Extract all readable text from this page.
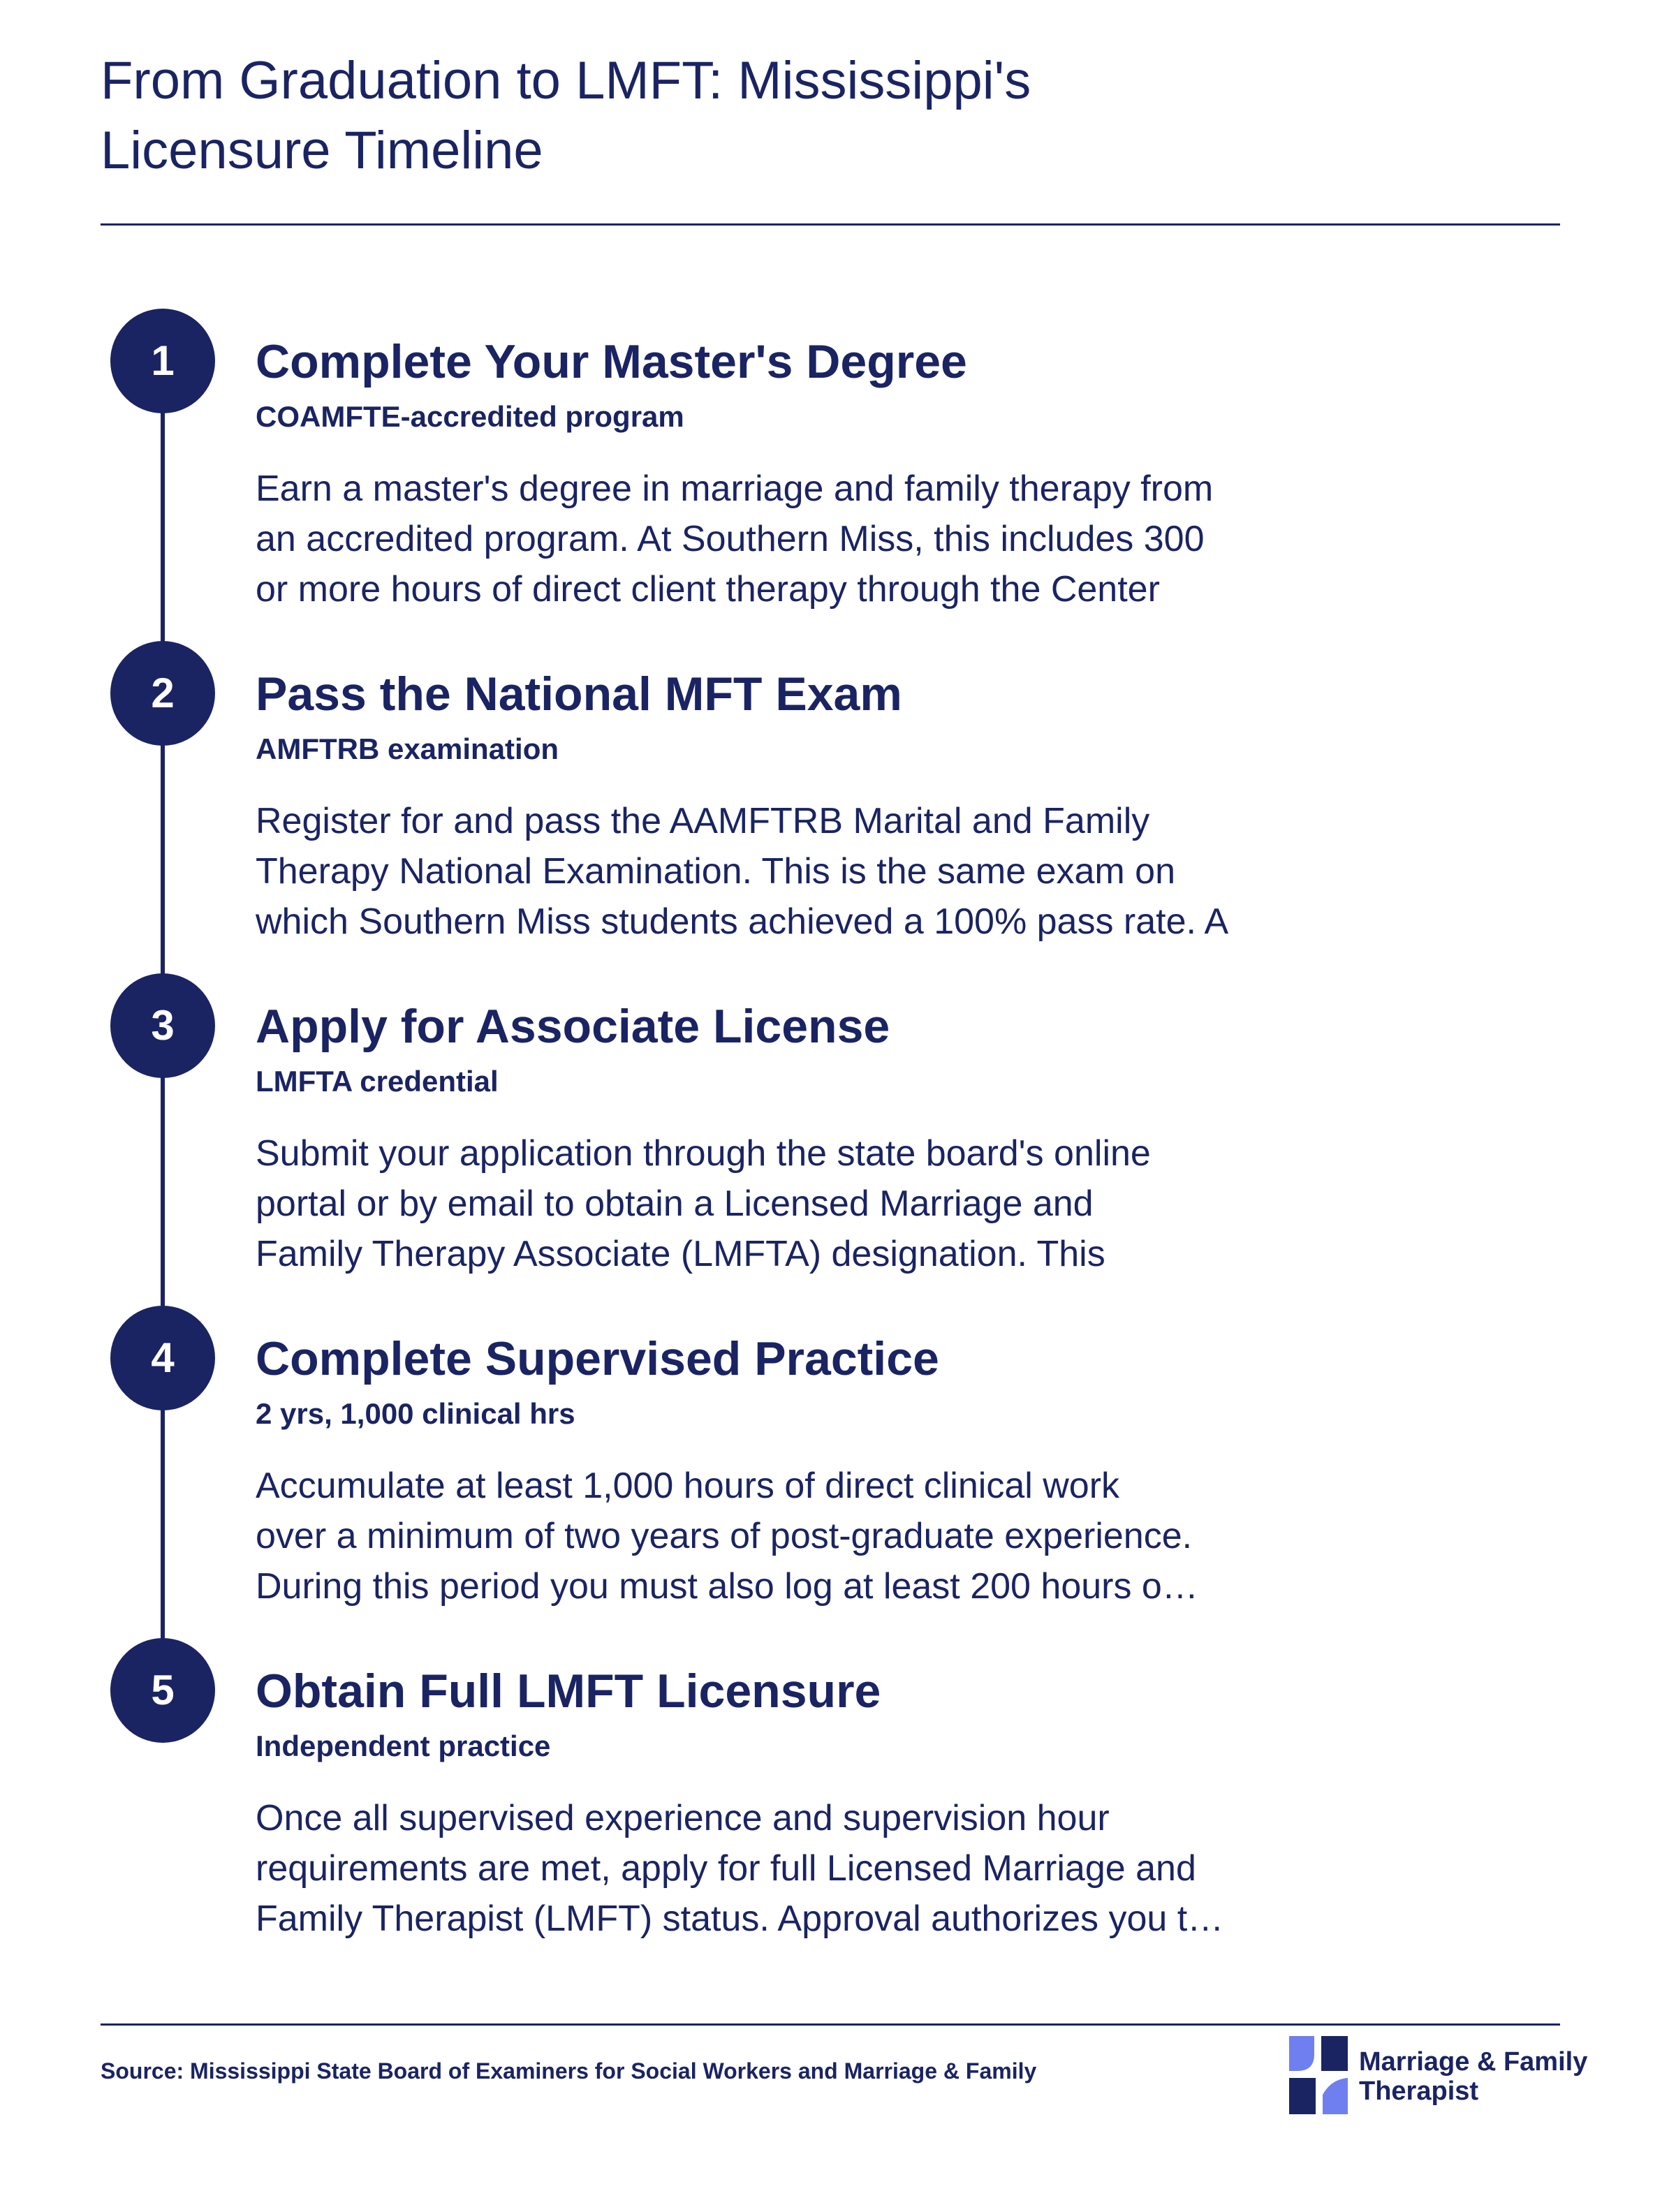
From Graduation to LMFT: Mississippi's
Licensure Timeline
1	Complete Your Master's Degree
COAMFTE-accredited program
Earn a master's degree in marriage and family therapy from
an accredited program. At Southern Miss, this includes 300
or more hours of direct client therapy through the Center
2	Pass the National MFT Exam
AMFTRB examination
Register for and pass the AAMFTRB Marital and Family
Therapy National Examination. This is the same exam on
which Southern Miss students achieved a 100% pass rate. A
3	Apply for Associate License
LMFTA credential
Submit your application through the state board's online
portal or by email to obtain a Licensed Marriage and
Family Therapy Associate (LMFTA) designation. This
4	Complete Supervised Practice
2 yrs, 1,000 clinical hrs
Accumulate at least 1,000 hours of direct clinical work
over a minimum of two years of post-graduate experience.
During this period you must also log at least 200 hours o…
5	Obtain Full LMFT Licensure
Independent practice
Once all supervised experience and supervision hour
requirements are met, apply for full Licensed Marriage and
Family Therapist (LMFT) status. Approval authorizes you t…
Source: Mississippi State Board of Examiners for Social Workers and Marriage & Family	Marriage & Family
Therapist
